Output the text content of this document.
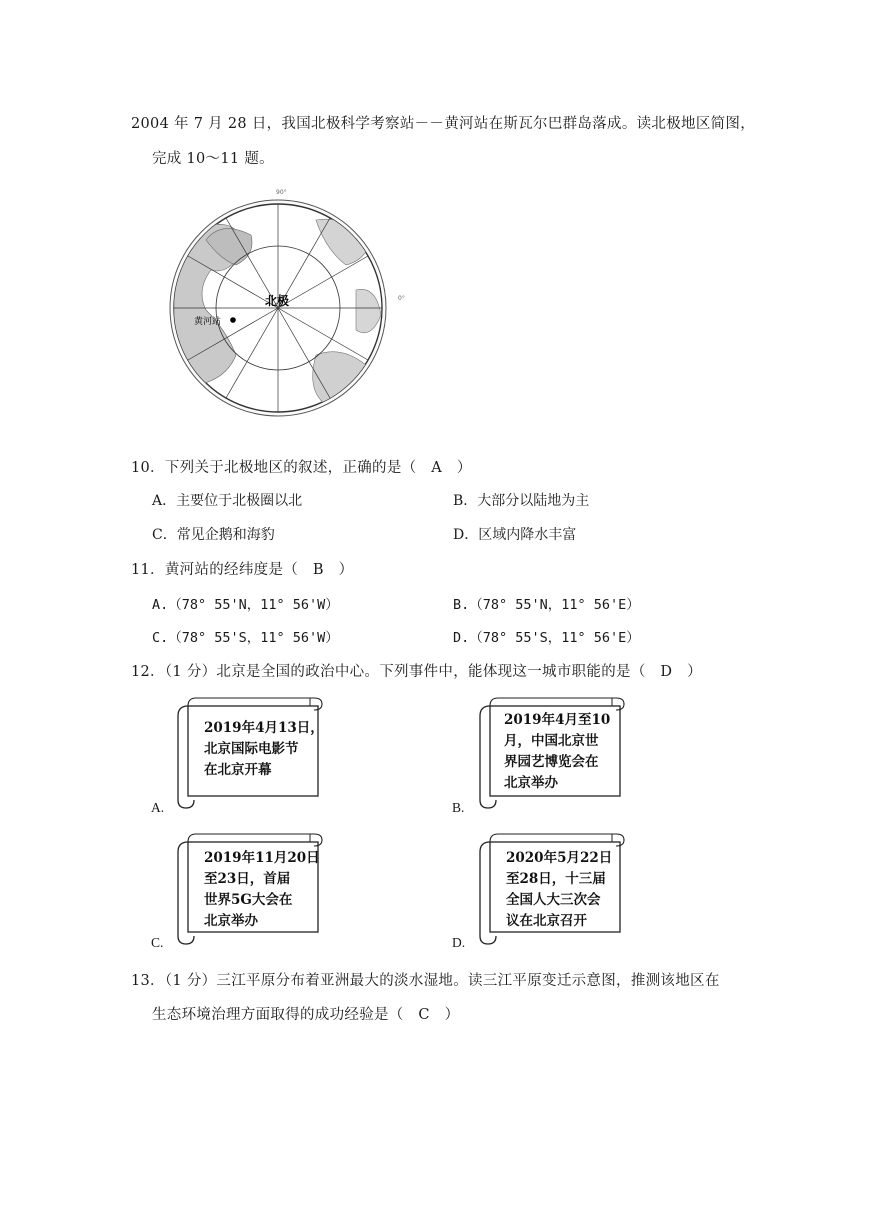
2004 年 7 月 28 日，我国北极科学考察站－－黄河站在斯瓦尔巴群岛落成。读北极地区简图，
完成 10～11 题。
90°
0°
北极
黄河站
10．下列关于北极地区的叙述，正确的是（　A　）
A．主要位于北极圈以北	B．大部分以陆地为主
C．常见企鹅和海豹	D．区域内降水丰富
11．黄河站的经纬度是（　B　）
A.（78° 55'N，11° 56'W）	B.（78° 55'N，11° 56'E）
C.（78° 55'S，11° 56'W）	D.（78° 55'S，11° 56'E）
12．（1 分）北京是全国的政治中心。下列事件中，能体现这一城市职能的是（　D　）
A.
2019年4月13日，
北京国际电影节
在北京开幕
B.
2019年4月至10
月，中国北京世
界园艺博览会在
北京举办
C.
2019年11月20日
至23日，首届
世界5G大会在
北京举办
D.
2020年5月22日
至28日，十三届
全国人大三次会
议在北京召开
13．（1 分）三江平原分布着亚洲最大的淡水湿地。读三江平原变迁示意图，推测该地区在
生态环境治理方面取得的成功经验是（　C　）
